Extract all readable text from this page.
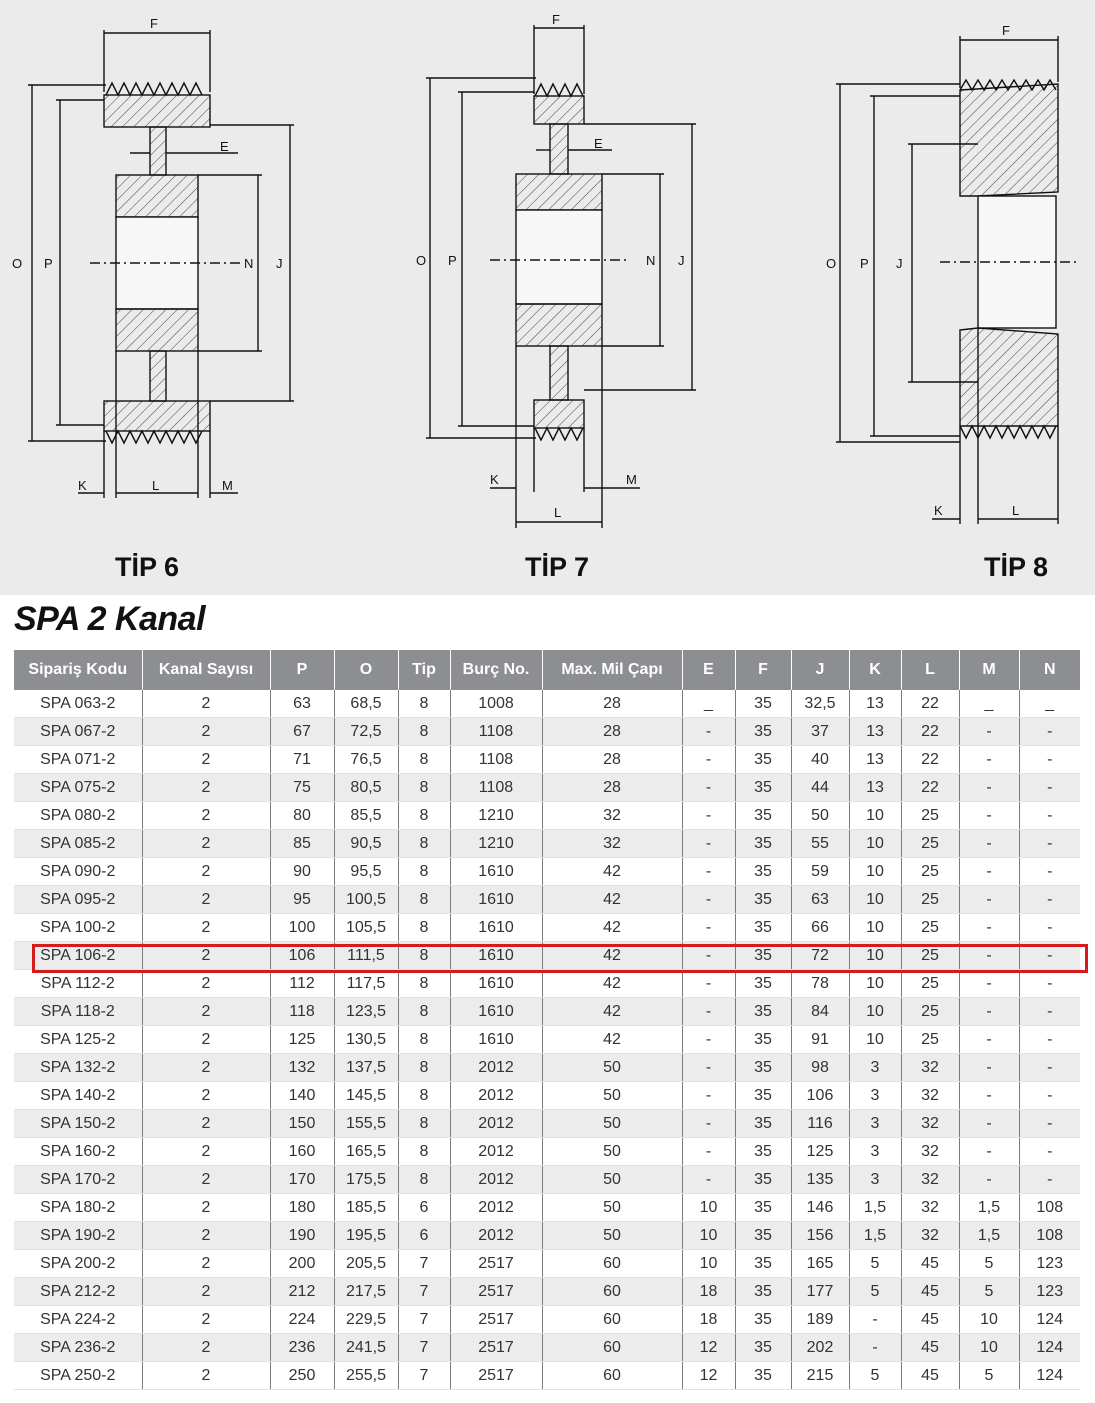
F
E
O P	N J
K	L	M
F
E
O P	N J
K
L
M
F
O P J
K	L
TİP 6	TİP 7	TİP 8
SPA 2 Kanal
Sipariş Kodu	Kanal Sayısı	P	O	Tip	Burç No.	Max. Mil Çapı	E	F	J	K	L	M	N
SPA 063-2	2	63	68,5	8	1008	28	_	35	32,5	13	22	_	_
SPA 067-2	2	67	72,5	8	1108	28	-	35	37	13	22	-	-
SPA 071-2	2	71	76,5	8	1108	28	-	35	40	13	22	-	-
SPA 075-2	2	75	80,5	8	1108	28	-	35	44	13	22	-	-
SPA 080-2	2	80	85,5	8	1210	32	-	35	50	10	25	-	-
SPA 085-2	2	85	90,5	8	1210	32	-	35	55	10	25	-	-
SPA 090-2	2	90	95,5	8	1610	42	-	35	59	10	25	-	-
SPA 095-2	2	95	100,5	8	1610	42	-	35	63	10	25	-	-
SPA 100-2	2	100	105,5	8	1610	42	-	35	66	10	25	-	-
SPA 106-2	2	106	111,5	8	1610	42	-	35	72	10	25	-	-
SPA 112-2	2	112	117,5	8	1610	42	-	35	78	10	25	-	-
SPA 118-2	2	118	123,5	8	1610	42	-	35	84	10	25	-	-
SPA 125-2	2	125	130,5	8	1610	42	-	35	91	10	25	-	-
SPA 132-2	2	132	137,5	8	2012	50	-	35	98	3	32	-	-
SPA 140-2	2	140	145,5	8	2012	50	-	35	106	3	32	-	-
SPA 150-2	2	150	155,5	8	2012	50	-	35	116	3	32	-	-
SPA 160-2	2	160	165,5	8	2012	50	-	35	125	3	32	-	-
SPA 170-2	2	170	175,5	8	2012	50	-	35	135	3	32	-	-
SPA 180-2	2	180	185,5	6	2012	50	10	35	146	1,5	32	1,5	108
SPA 190-2	2	190	195,5	6	2012	50	10	35	156	1,5	32	1,5	108
SPA 200-2	2	200	205,5	7	2517	60	10	35	165	5	45	5	123
SPA 212-2	2	212	217,5	7	2517	60	18	35	177	5	45	5	123
SPA 224-2	2	224	229,5	7	2517	60	18	35	189	-	45	10	124
SPA 236-2	2	236	241,5	7	2517	60	12	35	202	-	45	10	124
SPA 250-2	2	250	255,5	7	2517	60	12	35	215	5	45	5	124
